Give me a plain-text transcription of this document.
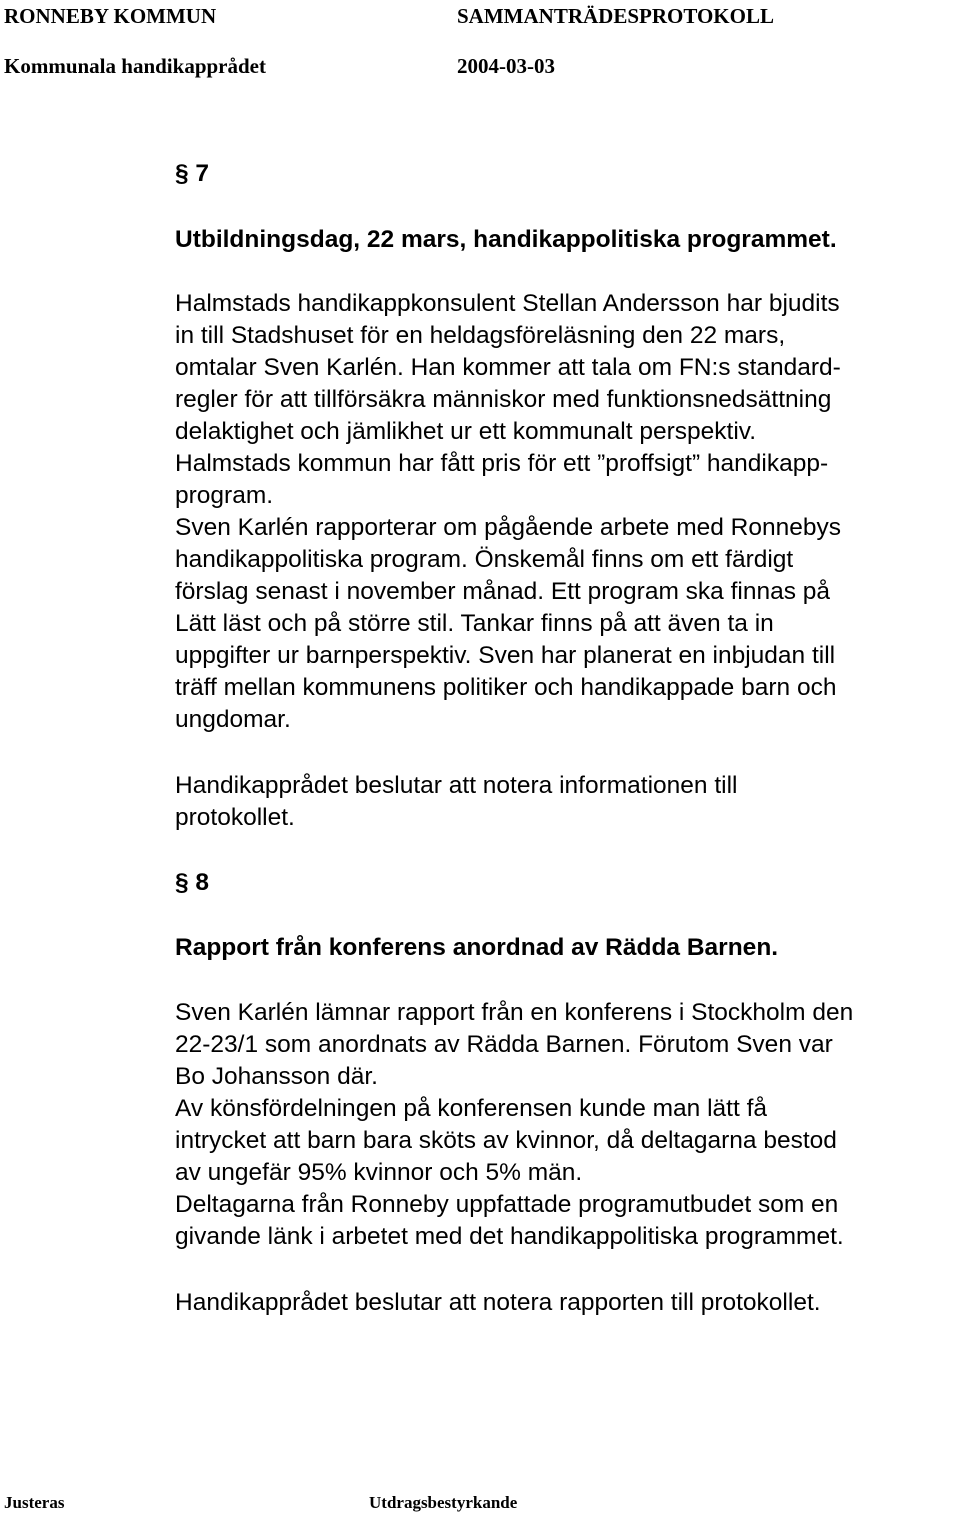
RONNEBY KOMMUN	SAMMANTRÄDESPROTOKOLL
Kommunala handikapprådet	2004-03-03
§ 7
Utbildningsdag, 22 mars, handikappolitiska programmet.

Halmstads handikappkonsulent Stellan Andersson har bjudits

in till Stadshuset för en heldagsföreläsning den 22 mars,

omtalar Sven Karlén. Han kommer att tala om FN:s standard-

regler för att tillförsäkra människor med funktionsnedsättning

delaktighet och jämlikhet ur ett kommunalt perspektiv.

Halmstads kommun har fått pris för ett ”proffsigt” handikapp-

program.

Sven Karlén rapporterar om pågående arbete med Ronnebys

handikappolitiska program. Önskemål finns om ett färdigt

förslag senast i november månad. Ett program ska finnas på

Lätt läst och på större stil. Tankar finns på att även ta in

uppgifter ur barnperspektiv. Sven har planerat en inbjudan till

träff mellan kommunens politiker och handikappade barn och

ungdomar.

Handikapprådet beslutar att notera informationen till

protokollet.

§ 8
Rapport från konferens anordnad av Rädda Barnen.

Sven Karlén lämnar rapport från en konferens i Stockholm den

22-23/1 som anordnats av Rädda Barnen. Förutom Sven var

Bo Johansson där.

Av könsfördelningen på konferensen kunde man lätt få

intrycket att barn bara sköts av kvinnor, då deltagarna bestod

av ungefär 95% kvinnor och 5% män.

Deltagarna från Ronneby uppfattade programutbudet som en

givande länk i arbetet med det handikappolitiska programmet.

Handikapprådet beslutar att notera rapporten till protokollet.

Justeras	Utdragsbestyrkande
